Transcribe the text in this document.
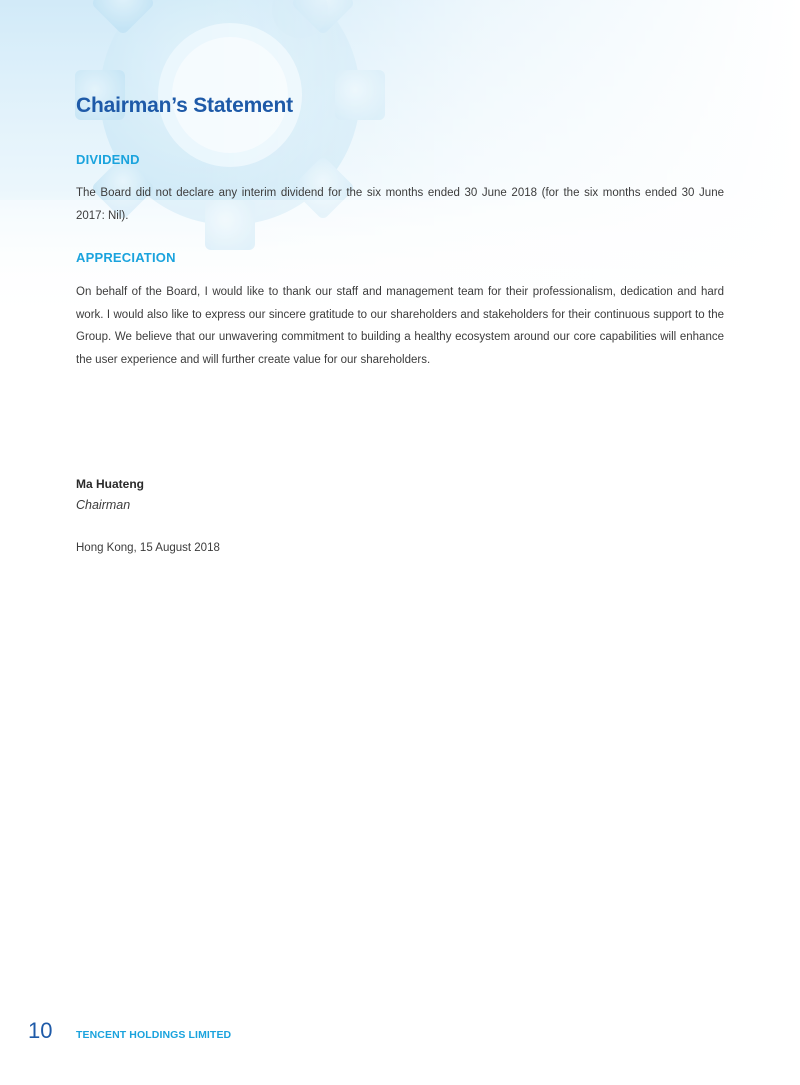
Chairman’s Statement
DIVIDEND

The Board did not declare any interim dividend for the six months ended 30 June 2018 (for the six months ended 30 June 2017: Nil).

APPRECIATION

On behalf of the Board, I would like to thank our staff and management team for their professionalism, dedication and hard work. I would also like to express our sincere gratitude to our shareholders and stakeholders for their continuous support to the Group. We believe that our unwavering commitment to building a healthy ecosystem around our core capabilities will enhance the user experience and will further create value for our shareholders.

Ma Huateng

Chairman

Hong Kong, 15 August 2018

10	TENCENT HOLDINGS LIMITED
